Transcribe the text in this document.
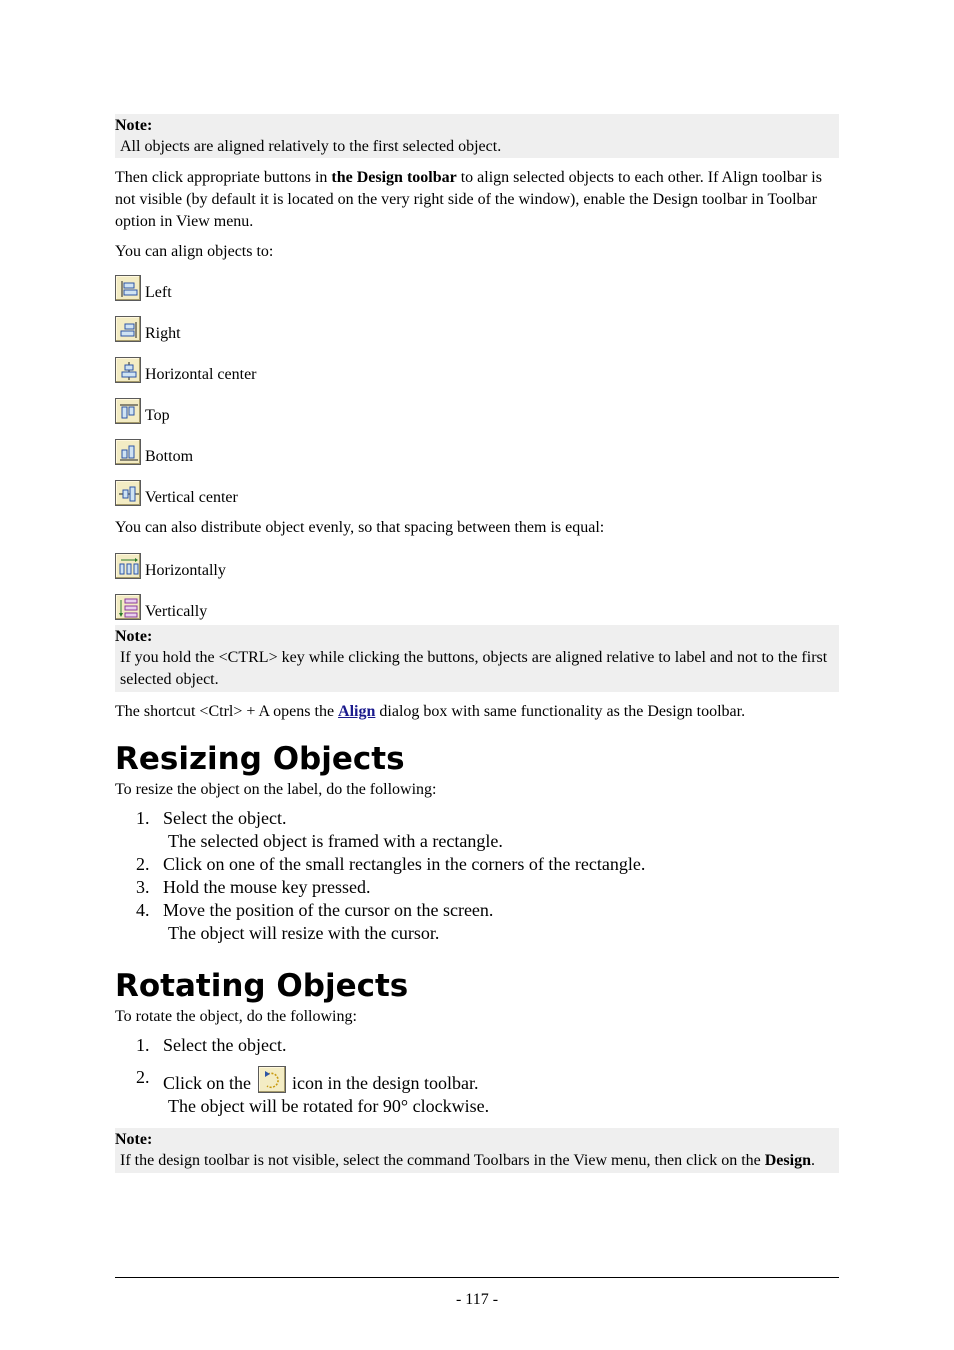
Note:
All objects are aligned relatively to the first selected object.

Then click appropriate buttons in the Design toolbar to align selected objects to each other. If Align toolbar is not visible (by default it is located on the very right side of the window), enable the Design toolbar in Toolbar option in View menu.

You can align objects to:

Left
Right
Horizontal center
Top
Bottom
Vertical center

You can also distribute object evenly, so that spacing between them is equal:

Horizontally
Vertically
Note:
If you hold the <CTRL> key while clicking the buttons, objects are aligned relative to label and not to the first selected object.

The shortcut <Ctrl> + A opens the Align dialog box with same functionality as the Design toolbar.

Resizing Objects

To resize the object on the label, do the following:

1. Select the object.
The selected object is framed with a rectangle.
2. Click on one of the small rectangles in the corners of the rectangle.
3. Hold the mouse key pressed.
4. Move the position of the cursor on the screen.
The object will resize with the cursor.
Rotating Objects

To rotate the object, do the following:

1. Select the object.
2. Click on the icon in the design toolbar.
The object will be rotated for 90° clockwise.
Note:
If the design toolbar is not visible, select the command Toolbars in the View menu, then click on the Design.
- 117 -
